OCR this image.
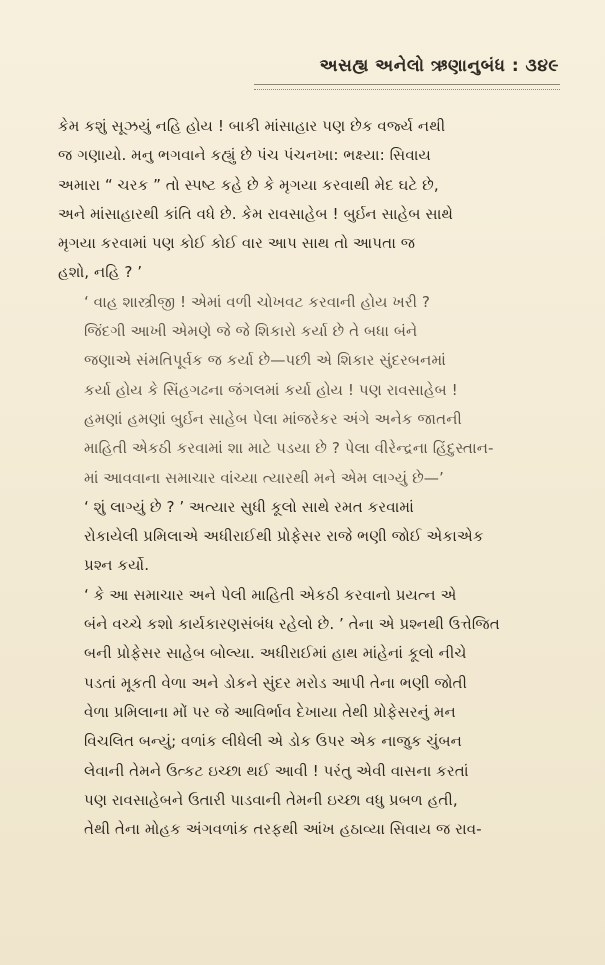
અસહ્ય અનેલો ઋણાનુબંધ : ૩૪૯

કેમ કશું સૂઝયું નહિ હોય ! બાકી માંસાહાર પણ છેક વર્જ્ય નથી
જ ગણાયો. મનુ ભગવાને કહ્યું છે પંચ પંચનખા: ભક્ષ્યા: સિવાય
અમારા “ ચરક ” તો સ્પષ્ટ કહે છે કે મૃગયા કરવાથી મેદ ઘટે છે,
અને માંસાહારથી કાંતિ વધે છે. કેમ રાવસાહેબ ! બુર્ઇન સાહેબ સાથે
મૃગયા કરવામાં પણ કોઈ કોઈ વાર આપ સાથ તો આપતા જ
હશો, નહિ ? ’

‘ વાહ શાસ્ત્રીજી ! એમાં વળી ચોખવટ કરવાની હોય ખરી ?
જિંદગી આખી એમણે જે જે શિકારો કર્યા છે તે બધા બંને
જણાએ સંમતિપૂર્વક જ કર્યા છે—પછી એ શિકાર સુંદરબનમાં
કર્યા હોય કે સિંહગઢના જંગલમાં કર્યા હોય ! પણ રાવસાહેબ !
હમણાં હમણાં બુર્ઇન સાહેબ પેલા માંજરેકર અંગે અનેક જાતની
માહિતી એકઠી કરવામાં શા માટે પડયા છે ? પેલા વીરેન્દ્રના હિંદુસ્તાન-
માં આવવાના સમાચાર વાંચ્યા ત્યારથી મને એમ લાગ્યું છે—’

‘ શું લાગ્યું છે ? ’ અત્યાર સુધી કૂલો સાથે રમત કરવામાં
રોકાયેલી પ્રમિલાએ અધીરાઈથી પ્રોફેસર રાજે ભણી જોઈ એકાએક
પ્રશ્ન કર્યો.

‘ કે આ સમાચાર અને પેલી માહિતી એકઠી કરવાનો પ્રયત્ન એ
બંને વચ્ચે કશો કાર્યકારણસંબંધ રહેલો છે. ’ તેના એ પ્રશ્નથી ઉત્તેજિત
બની પ્રોફેસર સાહેબ બોલ્યા. અધીરાઈમાં હાથ માંહેનાં કૂલો નીચે
પડતાં મૂકતી વેળા અને ડોકને સુંદર મરોડ આપી તેના ભણી જોતી
વેળા પ્રમિલાના મોં પર જે આવિર્ભાવ દેખાયા તેથી પ્રોફેસરનું મન
વિચલિત બન્યું; વળાંક લીધેલી એ ડોક ઉપર એક નાજુક ચુંબન
લેવાની તેમને ઉત્કટ ઇચ્છા થઈ આવી ! પરંતુ એવી વાસના કરતાં
પણ રાવસાહેબને ઉતારી પાડવાની તેમની ઇચ્છા વધુ પ્રબળ હતી,
તેથી તેના મોહક અંગવળાંક તરફથી આંખ હઠાવ્યા સિવાય જ રાવ-
